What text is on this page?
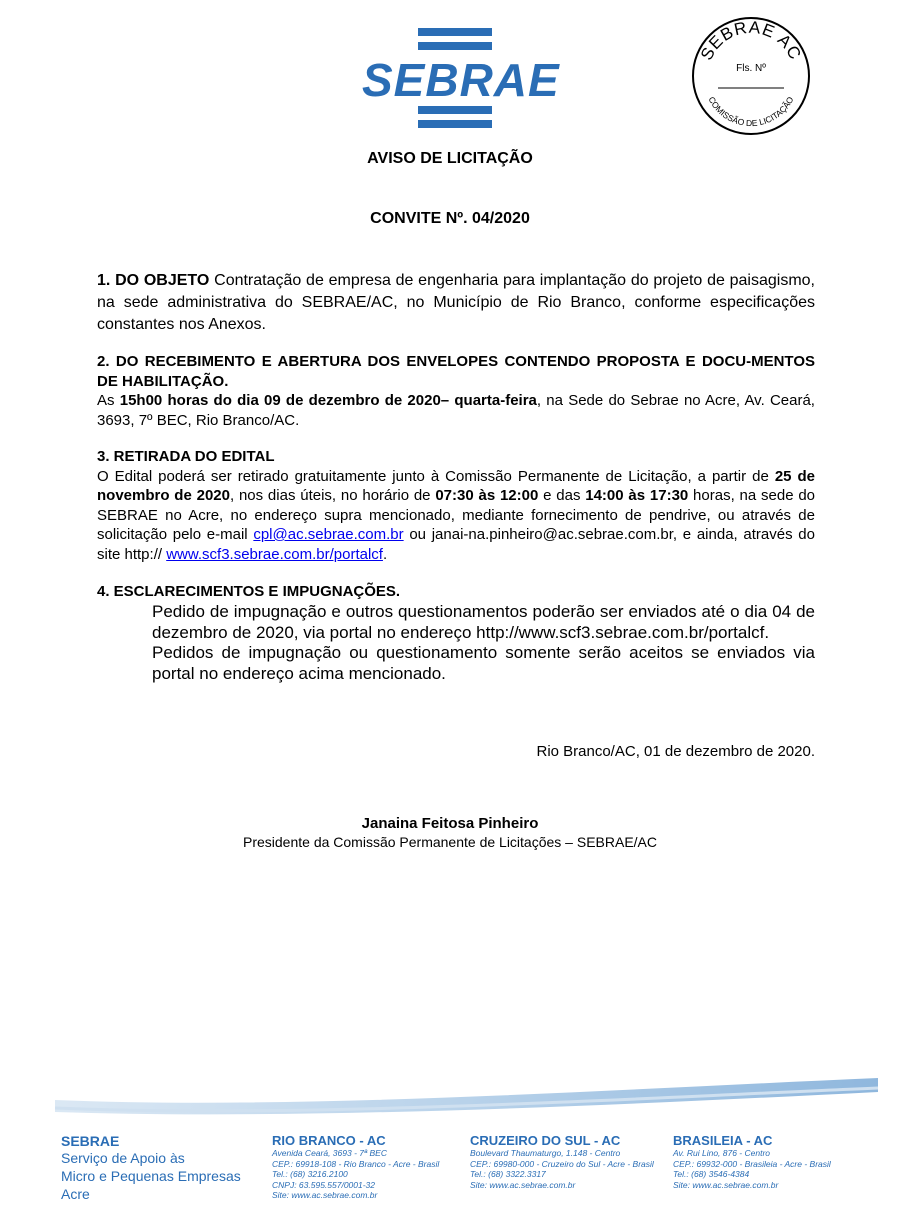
SEBRAE
SEBRAE AC
COMISSÃO DE LICITAÇÃO
Fls. Nº
AVISO DE LICITAÇÃO
CONVITE Nº. 04/2020
1. DO OBJETO Contratação de empresa de engenharia para implantação do projeto de paisagismo, na sede administrativa do SEBRAE/AC, no Município de Rio Branco, conforme especificações constantes nos Anexos.
2. DO RECEBIMENTO E ABERTURA DOS ENVELOPES CONTENDO PROPOSTA E DOCU-MENTOS DE HABILITAÇÃO.
As 15h00 horas do dia 09 de dezembro de 2020– quarta-feira, na Sede do Sebrae no Acre, Av. Ceará, 3693, 7º BEC, Rio Branco/AC.
3. RETIRADA DO EDITAL
O Edital poderá ser retirado gratuitamente junto à Comissão Permanente de Licitação, a partir de 25 de novembro de 2020, nos dias úteis, no horário de 07:30 às 12:00 e das 14:00 às 17:30 horas, na sede do SEBRAE no Acre, no endereço supra mencionado, mediante fornecimento de pendrive, ou através de solicitação pelo e-mail cpl@ac.sebrae.com.br ou janai-na.pinheiro@ac.sebrae.com.br, e ainda, através do site http:// www.scf3.sebrae.com.br/portalcf.
4. ESCLARECIMENTOS E IMPUGNAÇÕES.
Pedido de impugnação e outros questionamentos poderão ser enviados até o dia 04 de dezembro de 2020, via portal no endereço http://www.scf3.sebrae.com.br/portalcf.
Pedidos de impugnação ou questionamento somente serão aceitos se enviados via portal no endereço acima mencionado.
Rio Branco/AC, 01 de dezembro de 2020.
Janaina Feitosa Pinheiro
Presidente da Comissão Permanente de Licitações – SEBRAE/AC
SEBRAE
Serviço de Apoio às
Micro e Pequenas Empresas
Acre
RIO BRANCO - AC
Avenida Ceará, 3693 - 7ª BEC
CEP.: 69918-108 - Rio Branco - Acre - Brasil
Tel.: (68) 3216.2100
CNPJ: 63.595.557/0001-32
Site: www.ac.sebrae.com.br
CRUZEIRO DO SUL - AC
Boulevard Thaumaturgo, 1.148 - Centro
CEP.: 69980-000 - Cruzeiro do Sul - Acre - Brasil
Tel.: (68) 3322.3317
Site: www.ac.sebrae.com.br
BRASILEIA - AC
Av. Rui Lino, 876 - Centro
CEP.: 69932-000 - Brasileia - Acre - Brasil
Tel.: (68) 3546-4384
Site: www.ac.sebrae.com.br
